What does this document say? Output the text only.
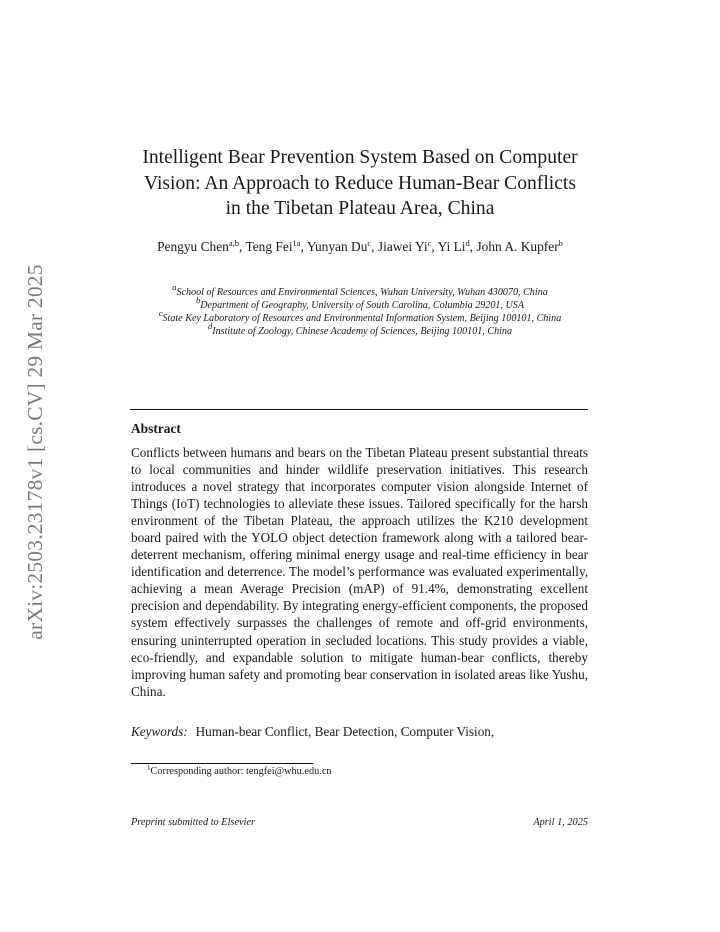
arXiv:2503.23178v1 [cs.CV] 29 Mar 2025
Intelligent Bear Prevention System Based on Computer
Vision: An Approach to Reduce Human-Bear Conflicts
in the Tibetan Plateau Area, China
Pengyu Chen$^{a,b}$, Teng Fei$^{1a}$, Yunyan Du$^c$, Jiawei Yi$^c$, Yi Li$^d$, John A. Kupfer$^b$
$^a$School of Resources and Environmental Sciences, Wuhan University, Wuhan 430070, China
$^b$Department of Geography, University of South Carolina, Columbia 29201, USA
$^c$State Key Laboratory of Resources and Environmental Information System, Beijing 100101, China
$^d$Institute of Zoology, Chinese Academy of Sciences, Beijing 100101, China
Abstract
Conflicts between humans and bears on the Tibetan Plateau present substantial threats to local communities and hinder wildlife preservation initiatives. This research introduces a novel strategy that incorporates computer vision alongside Internet of Things (IoT) technologies to alleviate these issues. Tailored specifically for the harsh environment of the Tibetan Plateau, the approach utilizes the K210 development board paired with the YOLO object detection framework along with a tailored bear-deterrent mechanism, offering minimal energy usage and real-time efficiency in bear identification and deterrence. The model’s performance was evaluated experimentally, achieving a mean Average Precision (mAP) of 91.4%, demonstrating excellent precision and dependability. By integrating energy-efficient components, the proposed system effectively surpasses the challenges of remote and off-grid environments, ensuring uninterrupted operation in secluded locations. This study provides a viable, eco-friendly, and expandable solution to mitigate human-bear conflicts, thereby improving human safety and promoting bear conservation in isolated areas like Yushu, China.
Keywords: Human-bear Conflict, Bear Detection, Computer Vision,
$^1$Corresponding author: tengfei@whu.edu.cn
Preprint submitted to Elsevier	April 1, 2025
